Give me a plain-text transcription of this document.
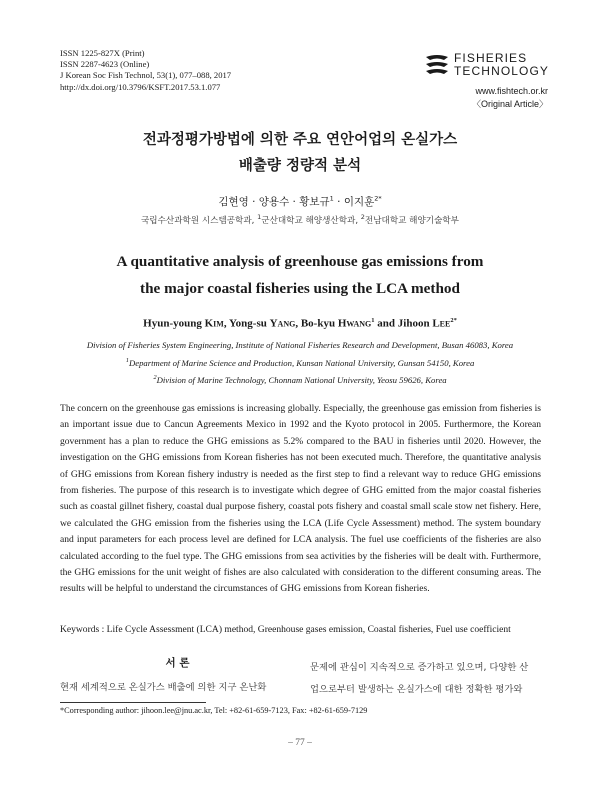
ISSN 1225-827X (Print)
ISSN 2287-4623 (Online)
J Korean Soc Fish Technol, 53(1), 077–088, 2017
http://dx.doi.org/10.3796/KSFT.2017.53.1.077
FISHERIES
TECHNOLOGY
www.fishtech.or.kr
〈Original Article〉
전과정평가방법에 의한 주요 연안어업의 온실가스
배출량 정량적 분석
김현영 · 양용수 · 황보규$^1$ · 이지훈$^{2*}$
국립수산과학원 시스템공학과, $^1$군산대학교 해양생산학과, $^2$전남대학교 해양기술학부
A quantitative analysis of greenhouse gas emissions from
the major coastal fisheries using the LCA method
Hyun-young Kim, Yong-su Yang, Bo-kyu Hwang$^1$ and Jihoon Lee$^{2*}$
Division of Fisheries System Engineering, Institute of National Fisheries Research and Development, Busan 46083, Korea
$^1$Department of Marine Science and Production, Kunsan National University, Gunsan 54150, Korea
$^2$Division of Marine Technology, Chonnam National University, Yeosu 59626, Korea
The concern on the greenhouse gas emissions is increasing globally. Especially, the greenhouse gas emission from fisheries is an important issue due to Cancun Agreements Mexico in 1992 and the Kyoto protocol in 2005. Furthermore, the Korean government has a plan to reduce the GHG emissions as 5.2% compared to the BAU in fisheries until 2020. However, the investigation on the GHG emissions from Korean fisheries has not been executed much. Therefore, the quantitative analysis of GHG emissions from Korean fishery industry is needed as the first step to find a relevant way to reduce GHG emissions from fisheries. The purpose of this research is to investigate which degree of GHG emitted from the major coastal fisheries such as coastal gillnet fishery, coastal dual purpose fishery, coastal pots fishery and coastal small scale stow net fishery. Here, we calculated the GHG emission from the fisheries using the LCA (Life Cycle Assessment) method. The system boundary and input parameters for each process level are defined for LCA analysis. The fuel use coefficients of the fisheries are also calculated according to the fuel type. The GHG emissions from sea activities by the fisheries will be dealt with. Furthermore, the GHG emissions for the unit weight of fishes are also calculated with consideration to the different consuming areas. The results will be helpful to understand the circumstances of GHG emissions from Korean fisheries.
Keywords : Life Cycle Assessment (LCA) method, Greenhouse gases emission, Coastal fisheries, Fuel use coefficient
서 론
현재 세계적으로 온실가스 배출에 의한 지구 온난화
문제에 관심이 지속적으로 증가하고 있으며, 다양한 산
업으로부터 발생하는 온실가스에 대한 정확한 평가와
*Corresponding author: jihoon.lee@jnu.ac.kr, Tel: +82-61-659-7123, Fax: +82-61-659-7129
– 77 –
